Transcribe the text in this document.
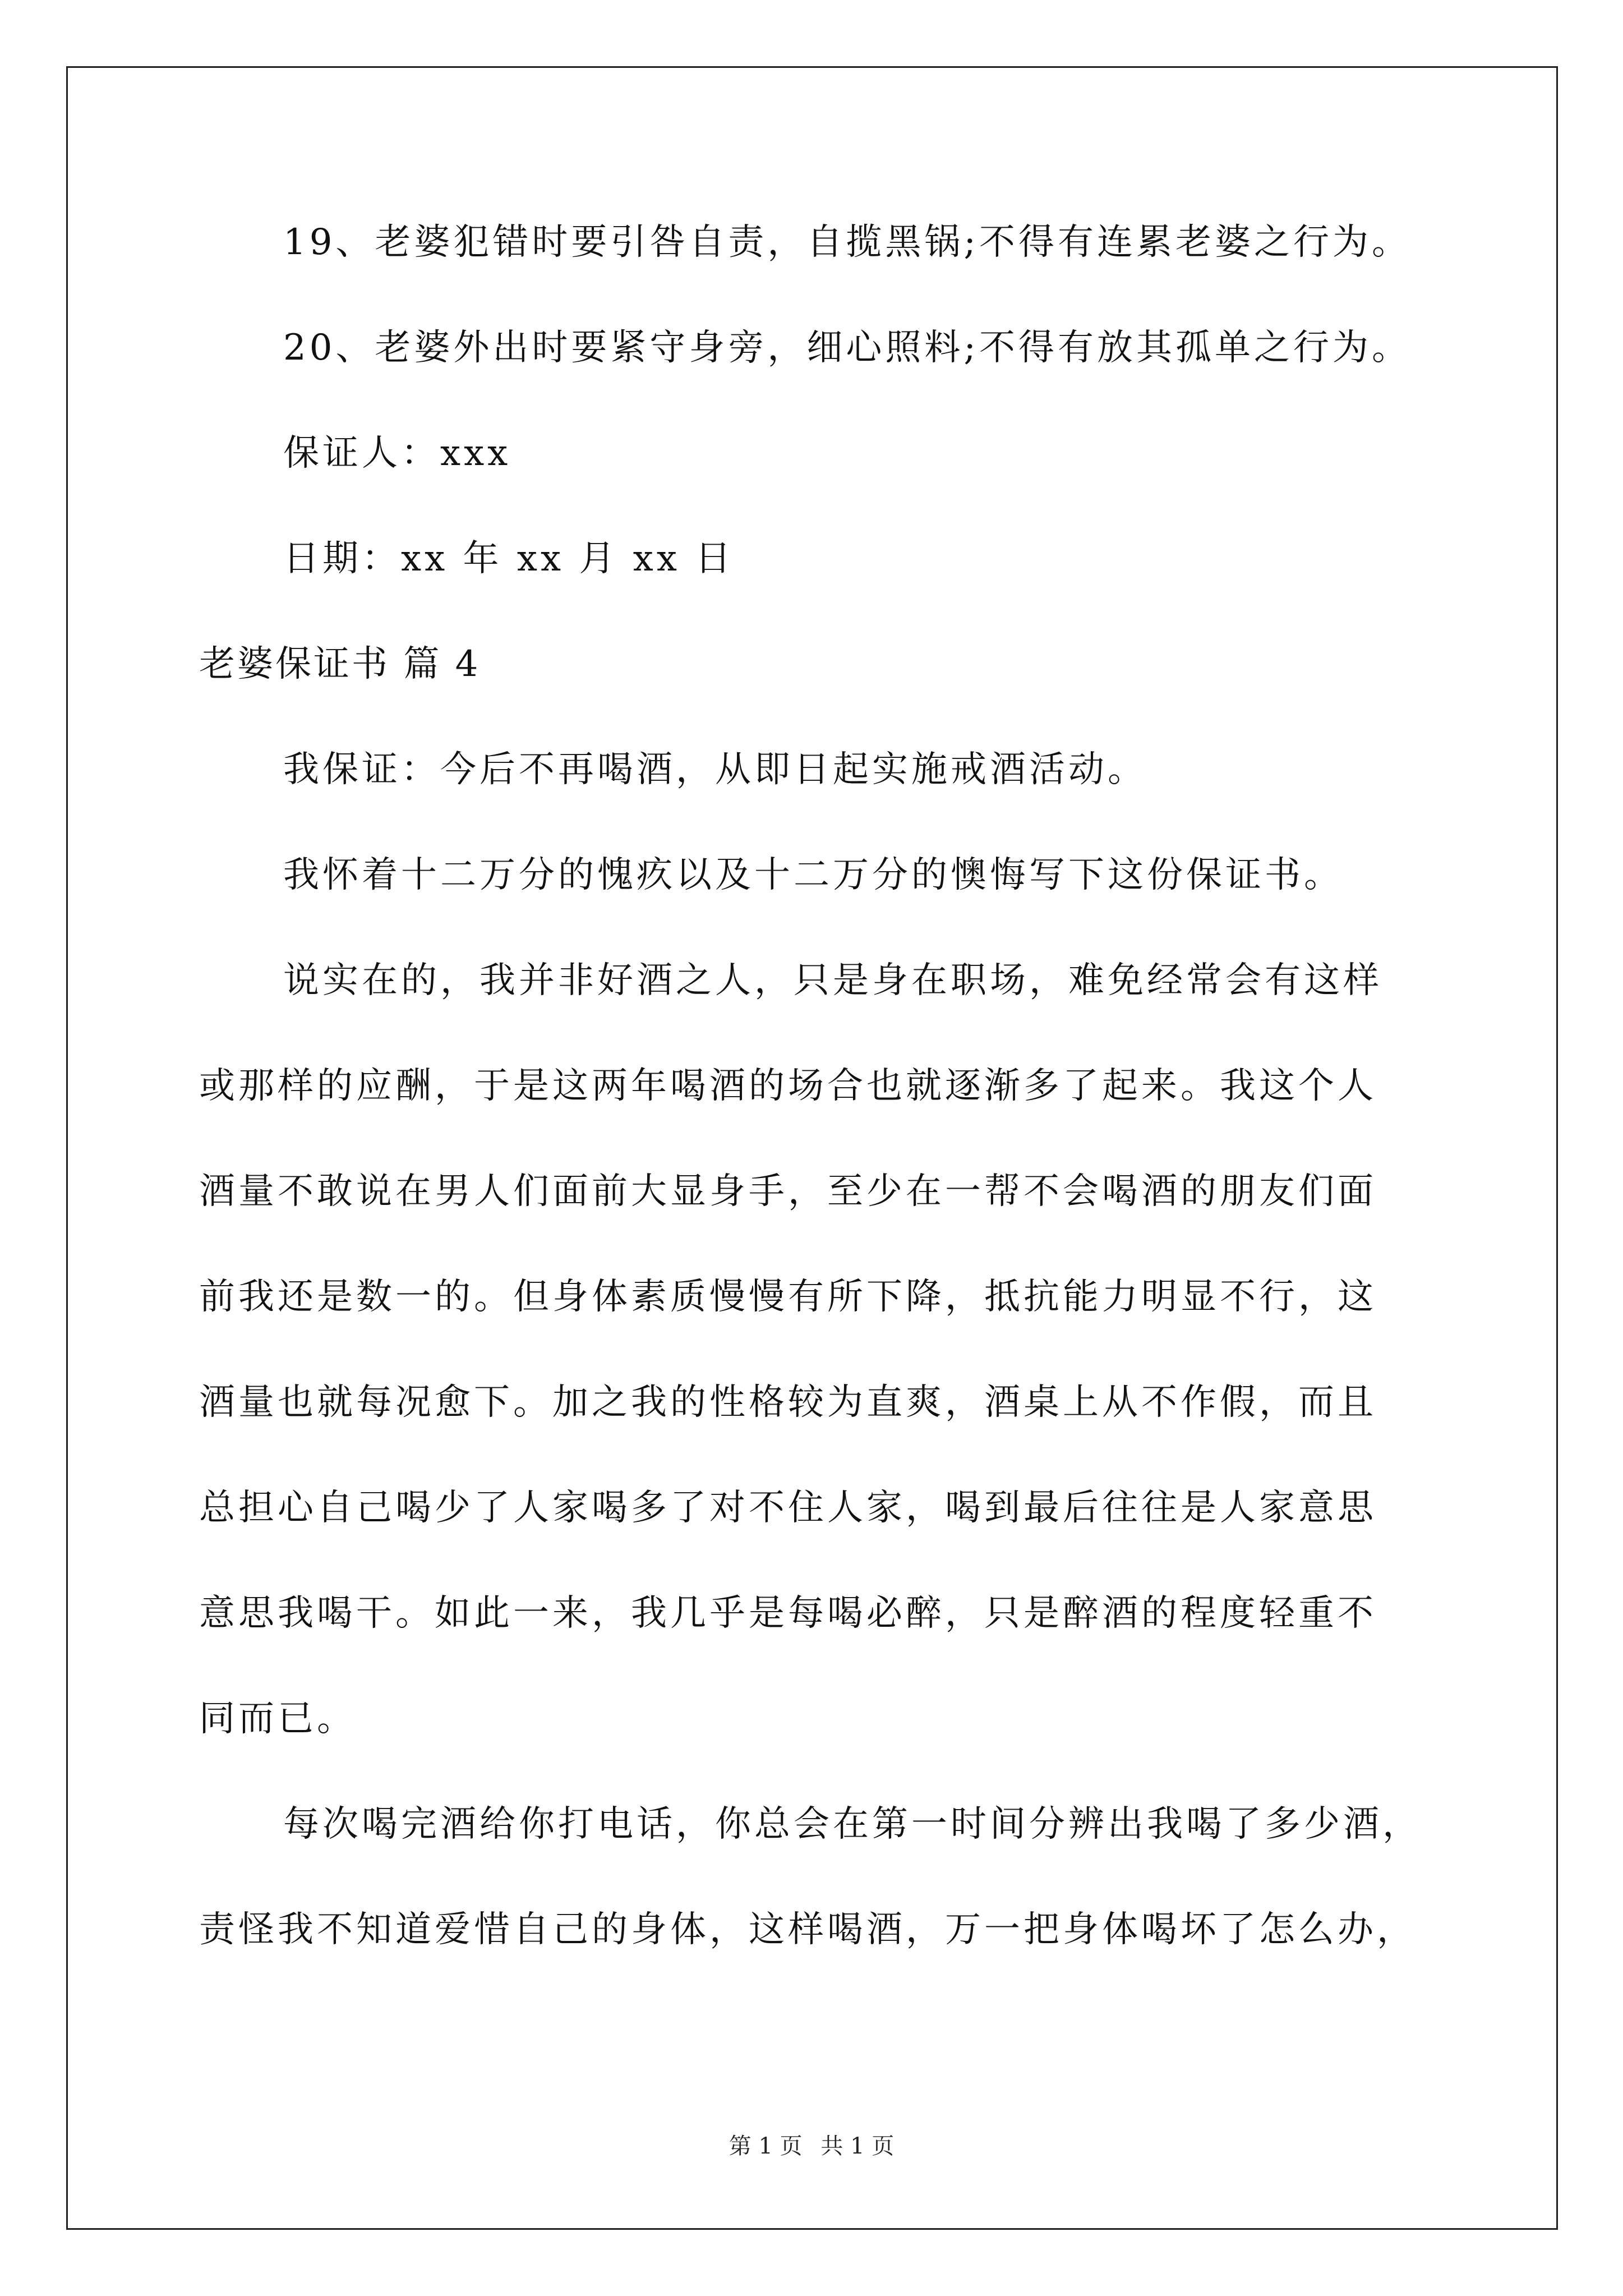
19、老婆犯错时要引咎自责，自揽黑锅;不得有连累老婆之行为。
20、老婆外出时要紧守身旁，细心照料;不得有放其孤单之行为。
保证人：xxx
日期：xx 年 xx 月 xx 日
老婆保证书 篇 4
我保证：今后不再喝酒，从即日起实施戒酒活动。
我怀着十二万分的愧疚以及十二万分的懊悔写下这份保证书。
说实在的，我并非好酒之人，只是身在职场，难免经常会有这样
或那样的应酬，于是这两年喝酒的场合也就逐渐多了起来。我这个人
酒量不敢说在男人们面前大显身手，至少在一帮不会喝酒的朋友们面
前我还是数一的。但身体素质慢慢有所下降，抵抗能力明显不行，这
酒量也就每况愈下。加之我的性格较为直爽，酒桌上从不作假，而且
总担心自己喝少了人家喝多了对不住人家，喝到最后往往是人家意思
意思我喝干。如此一来，我几乎是每喝必醉，只是醉酒的程度轻重不
同而已。
每次喝完酒给你打电话，你总会在第一时间分辨出我喝了多少酒，
责怪我不知道爱惜自己的身体，这样喝酒，万一把身体喝坏了怎么办，
第 1 页 共 1 页
